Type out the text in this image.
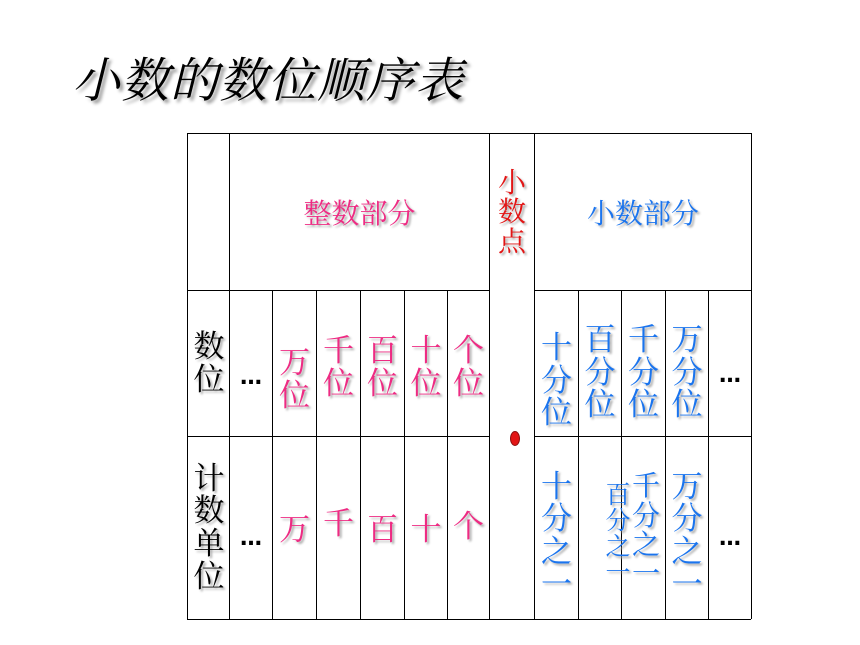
小数的数位顺序表
整数部分
小
数
点
小数部分
数
位
计
数
单
位
… 万
位
千
位
百
位
十
位
个
位
十
分
位
百
分
位
千
分
位
万
分
位
…
… 万 千 百 十 个
十
分
之
一
百
分
之
一
千
分
之
一
万
分
之
一
…
